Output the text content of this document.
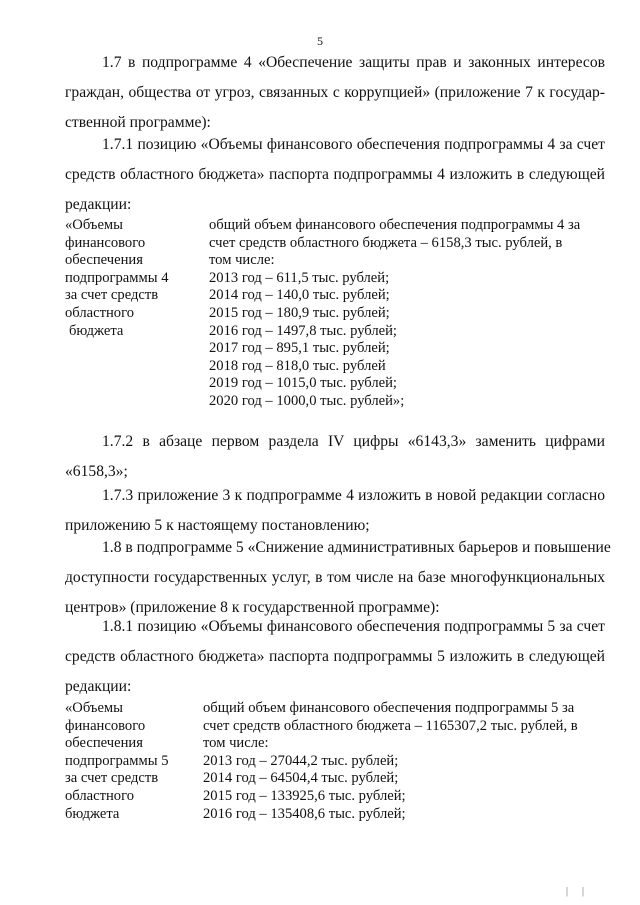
5

1.7 в подпрограмме 4 «Обеспечение защиты прав и законных интересов
граждан, общества от угроз, связанных с коррупцией» (приложение 7 к государ-
ственной программе):

1.7.1 позицию «Объемы финансового обеспечения подпрограммы 4 за счет
средств областного бюджета» паспорта подпрограммы 4 изложить в следующей
редакции:

«Объемы
финансового
обеспечения
подпрограммы 4
за счет средств
областного
бюджета
общий объем финансового обеспечения подпрограммы 4 за
счет средств областного бюджета – 6158,3 тыс. рублей, в
том числе:
2013 год – 611,5 тыс. рублей;
2014 год – 140,0 тыс. рублей;
2015 год – 180,9 тыс. рублей;
2016 год – 1497,8 тыс. рублей;
2017 год – 895,1 тыс. рублей;
2018 год – 818,0 тыс. рублей
2019 год – 1015,0 тыс. рублей;
2020 год – 1000,0 тыс. рублей»;

1.7.2 в абзаце первом раздела IV цифры «6143,3» заменить цифрами
«6158,3»;

1.7.3 приложение 3 к подпрограмме 4 изложить в новой редакции согласно
приложению 5 к настоящему постановлению;

1.8 в подпрограмме 5 «Снижение административных барьеров и повышение
доступности государственных услуг, в том числе на базе многофункциональных
центров» (приложение 8 к государственной программе):

1.8.1 позицию «Объемы финансового обеспечения подпрограммы 5 за счет
средств областного бюджета» паспорта подпрограммы 5 изложить в следующей
редакции:

«Объемы
финансового
обеспечения
подпрограммы 5
за счет средств
областного
бюджета
общий объем финансового обеспечения подпрограммы 5 за
счет средств областного бюджета – 1165307,2 тыс. рублей, в
том числе:
2013 год – 27044,2 тыс. рублей;
2014 год – 64504,4 тыс. рублей;
2015 год – 133925,6 тыс. рублей;
2016 год – 135408,6 тыс. рублей;
| |
